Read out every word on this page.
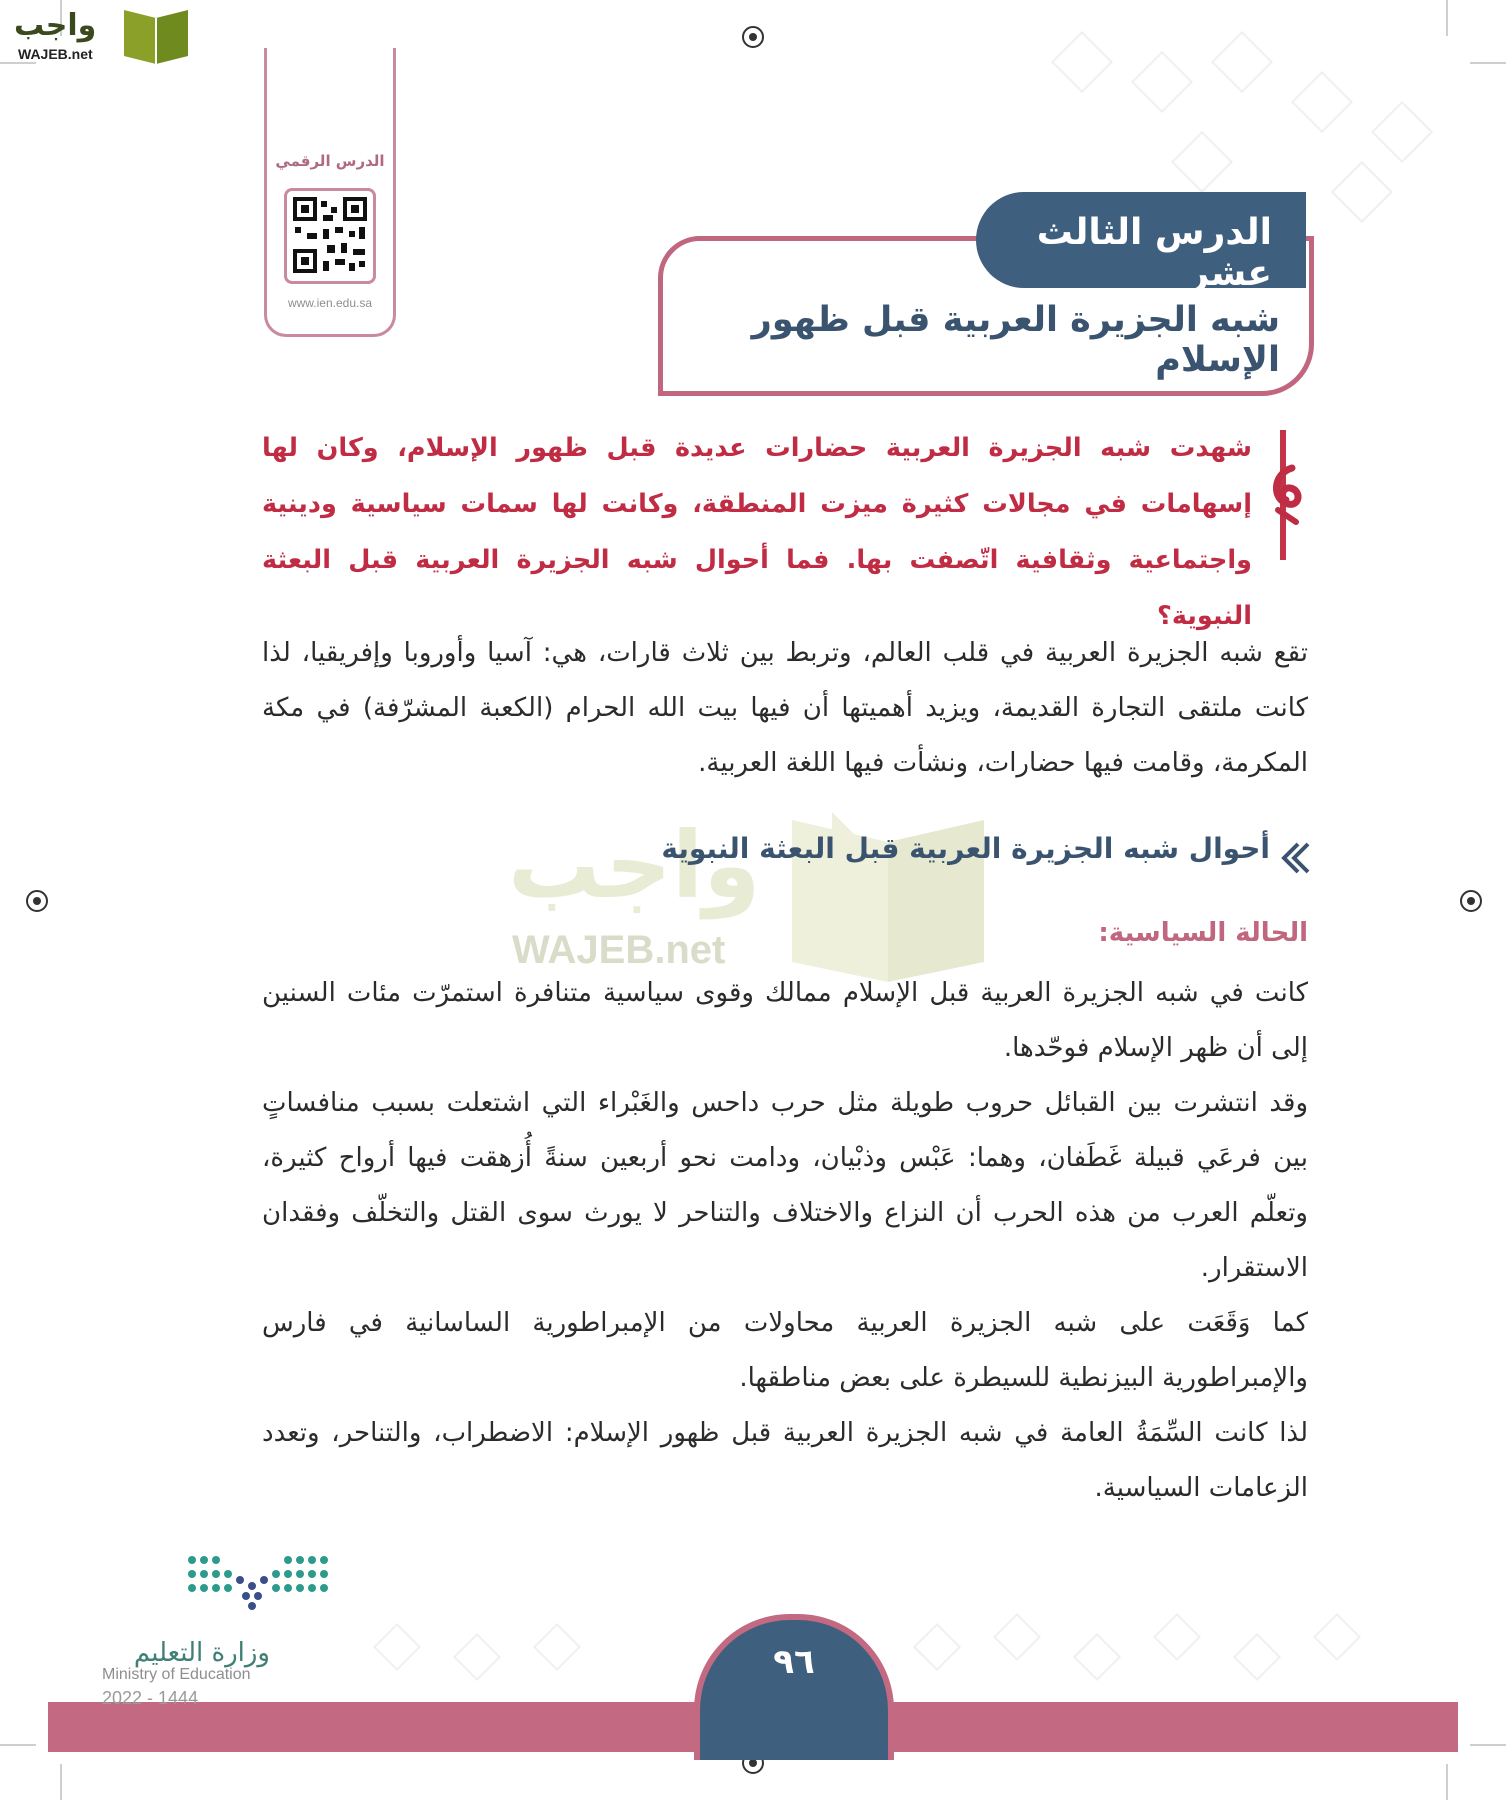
واجب
WAJEB.net
الدرس الرقمي
www.ien.edu.sa
الدرس الثالث عشر
شبه الجزيرة العربية قبل ظهور الإسلام
شهدت شبه الجزيرة العربية حضارات عديدة قبل ظهور الإسلام، وكان لها إسهامات في مجالات كثيرة ميزت المنطقة، وكانت لها سمات سياسية ودينية واجتماعية وثقافية اتّصفت بها. فما أحوال شبه الجزيرة العربية قبل البعثة النبوية؟
تقع شبه الجزيرة العربية في قلب العالم، وتربط بين ثلاث قارات، هي: آسيا وأوروبا وإفريقيا، لذا كانت ملتقى التجارة القديمة، ويزيد أهميتها أن فيها بيت الله الحرام (الكعبة المشرّفة) في مكة المكرمة، وقامت فيها حضارات، ونشأت فيها اللغة العربية.
واجب
WAJEB.net
أحوال شبه الجزيرة العربية قبل البعثة النبوية
الحالة السياسية:
كانت في شبه الجزيرة العربية قبل الإسلام ممالك وقوى سياسية متنافرة استمرّت مئات السنين إلى أن ظهر الإسلام فوحّدها.
وقد انتشرت بين القبائل حروب طويلة مثل حرب داحس والغَبْراء التي اشتعلت بسبب منافساتٍ بين فرعَي قبيلة غَطَفان، وهما: عَبْس وذبْيان، ودامت نحو أربعين سنةً أُزهقت فيها أرواح كثيرة، وتعلّم العرب من هذه الحرب أن النزاع والاختلاف والتناحر لا يورث سوى القتل والتخلّف وفقدان الاستقرار.
كما وَقَعَت على شبه الجزيرة العربية محاولات من الإمبراطورية الساسانية في فارس والإمبراطورية البيزنطية للسيطرة على بعض مناطقها.
لذا كانت السِّمَةُ العامة في شبه الجزيرة العربية قبل ظهور الإسلام: الاضطراب، والتناحر، وتعدد الزعامات السياسية.
٩٦
وزارة التعليم
Ministry of Education
2022 - 1444
